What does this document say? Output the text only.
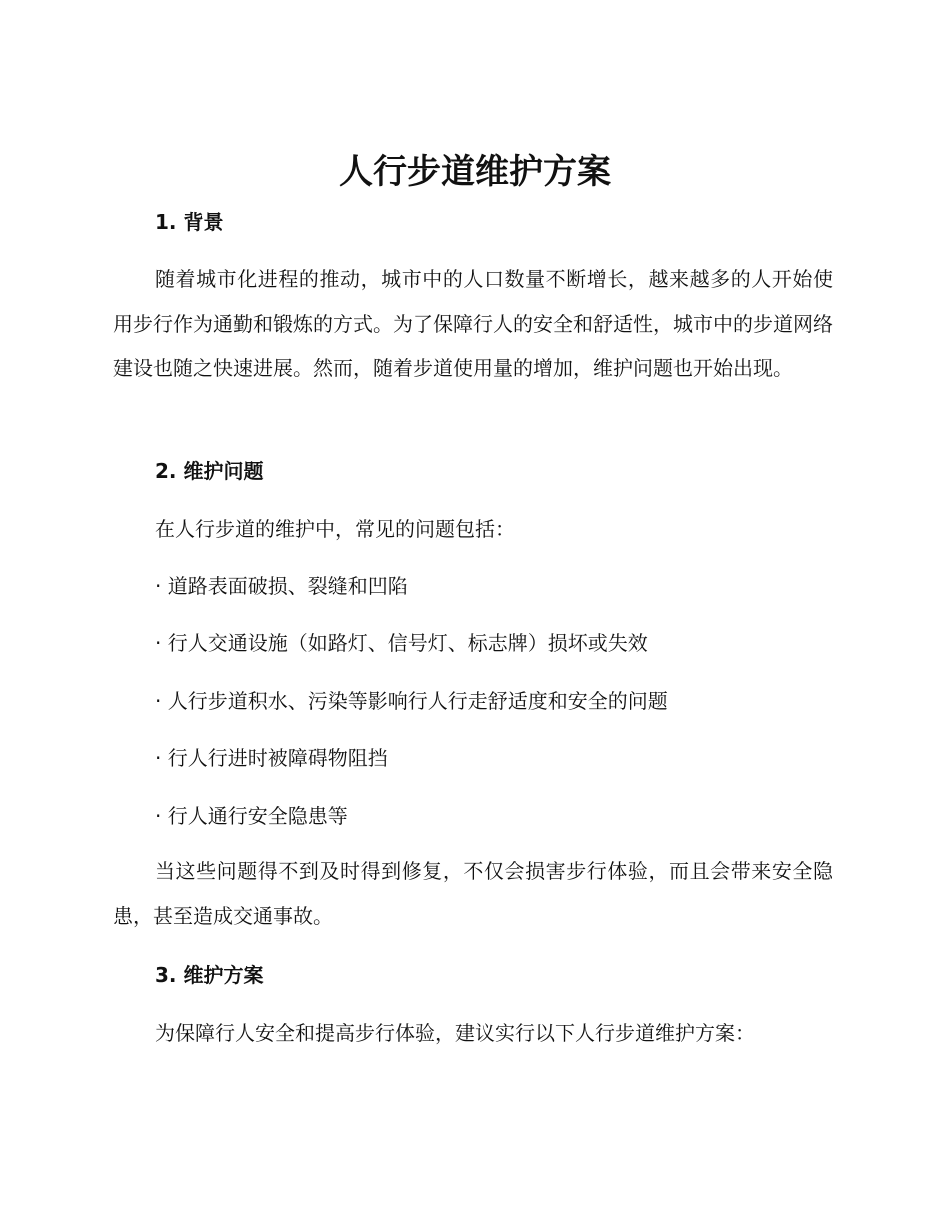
人行步道维护方案
1. 背景
随着城市化进程的推动，城市中的人口数量不断增长，越来越多的人开始使用步行作为通勤和锻炼的方式。为了保障行人的安全和舒适性，城市中的步道网络建设也随之快速进展。然而，随着步道使用量的增加，维护问题也开始出现。
2. 维护问题
在人行步道的维护中，常见的问题包括：
· 道路表面破损、裂缝和凹陷
· 行人交通设施（如路灯、信号灯、标志牌）损坏或失效
· 人行步道积水、污染等影响行人行走舒适度和安全的问题
· 行人行进时被障碍物阻挡
· 行人通行安全隐患等
当这些问题得不到及时得到修复，不仅会损害步行体验，而且会带来安全隐患，甚至造成交通事故。
3. 维护方案
为保障行人安全和提高步行体验，建议实行以下人行步道维护方案：
